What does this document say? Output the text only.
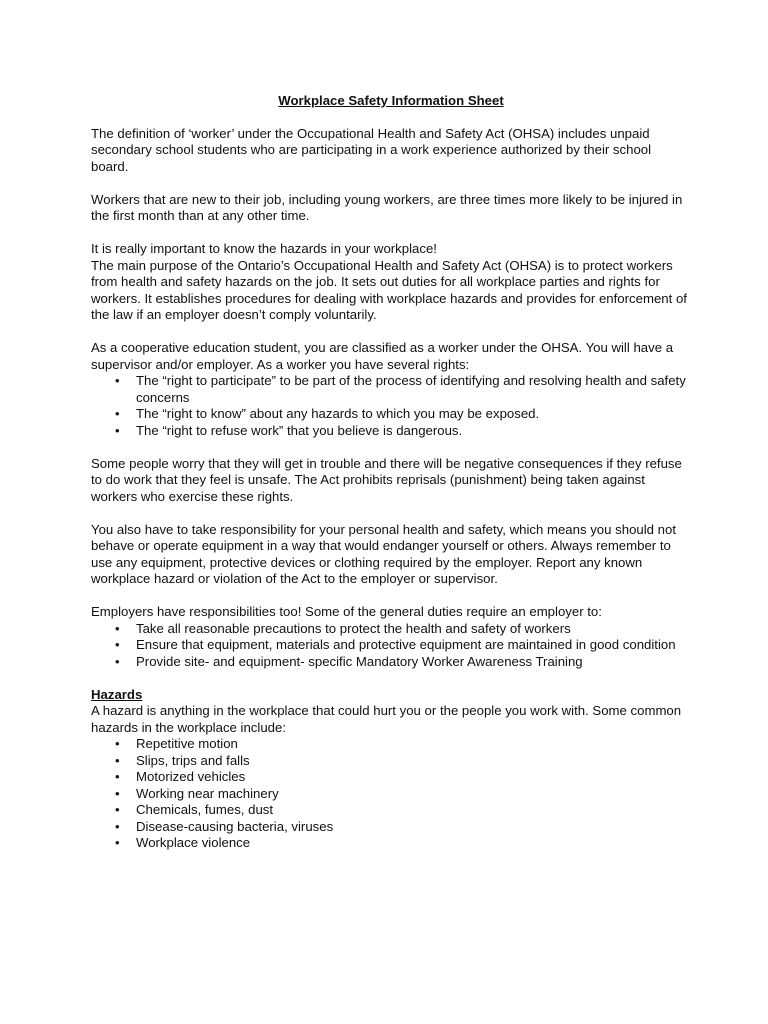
Workplace Safety Information Sheet

The definition of ‘worker’ under the Occupational Health and Safety Act (OHSA) includes unpaid secondary school students who are participating in a work experience authorized by their school board.

Workers that are new to their job, including young workers, are three times more likely to be injured in the first month than at any other time.

It is really important to know the hazards in your workplace!

The main purpose of the Ontario’s Occupational Health and Safety Act (OHSA) is to protect workers from health and safety hazards on the job. It sets out duties for all workplace parties and rights for workers. It establishes procedures for dealing with workplace hazards and provides for enforcement of the law if an employer doesn’t comply voluntarily.

As a cooperative education student, you are classified as a worker under the OHSA. You will have a supervisor and/or employer. As a worker you have several rights:

• The “right to participate” to be part of the process of identifying and resolving health and safety concerns
• The “right to know” about any hazards to which you may be exposed.
• The “right to refuse work” that you believe is dangerous.

Some people worry that they will get in trouble and there will be negative consequences if they refuse to do work that they feel is unsafe. The Act prohibits reprisals (punishment) being taken against workers who exercise these rights.

You also have to take responsibility for your personal health and safety, which means you should not behave or operate equipment in a way that would endanger yourself or others. Always remember to use any equipment, protective devices or clothing required by the employer. Report any known workplace hazard or violation of the Act to the employer or supervisor.

Employers have responsibilities too! Some of the general duties require an employer to:

• Take all reasonable precautions to protect the health and safety of workers
• Ensure that equipment, materials and protective equipment are maintained in good condition
• Provide site- and equipment- specific Mandatory Worker Awareness Training
Hazards

A hazard is anything in the workplace that could hurt you or the people you work with. Some common hazards in the workplace include:

• Repetitive motion
• Slips, trips and falls
• Motorized vehicles
• Working near machinery
• Chemicals, fumes, dust
• Disease-causing bacteria, viruses
• Workplace violence
